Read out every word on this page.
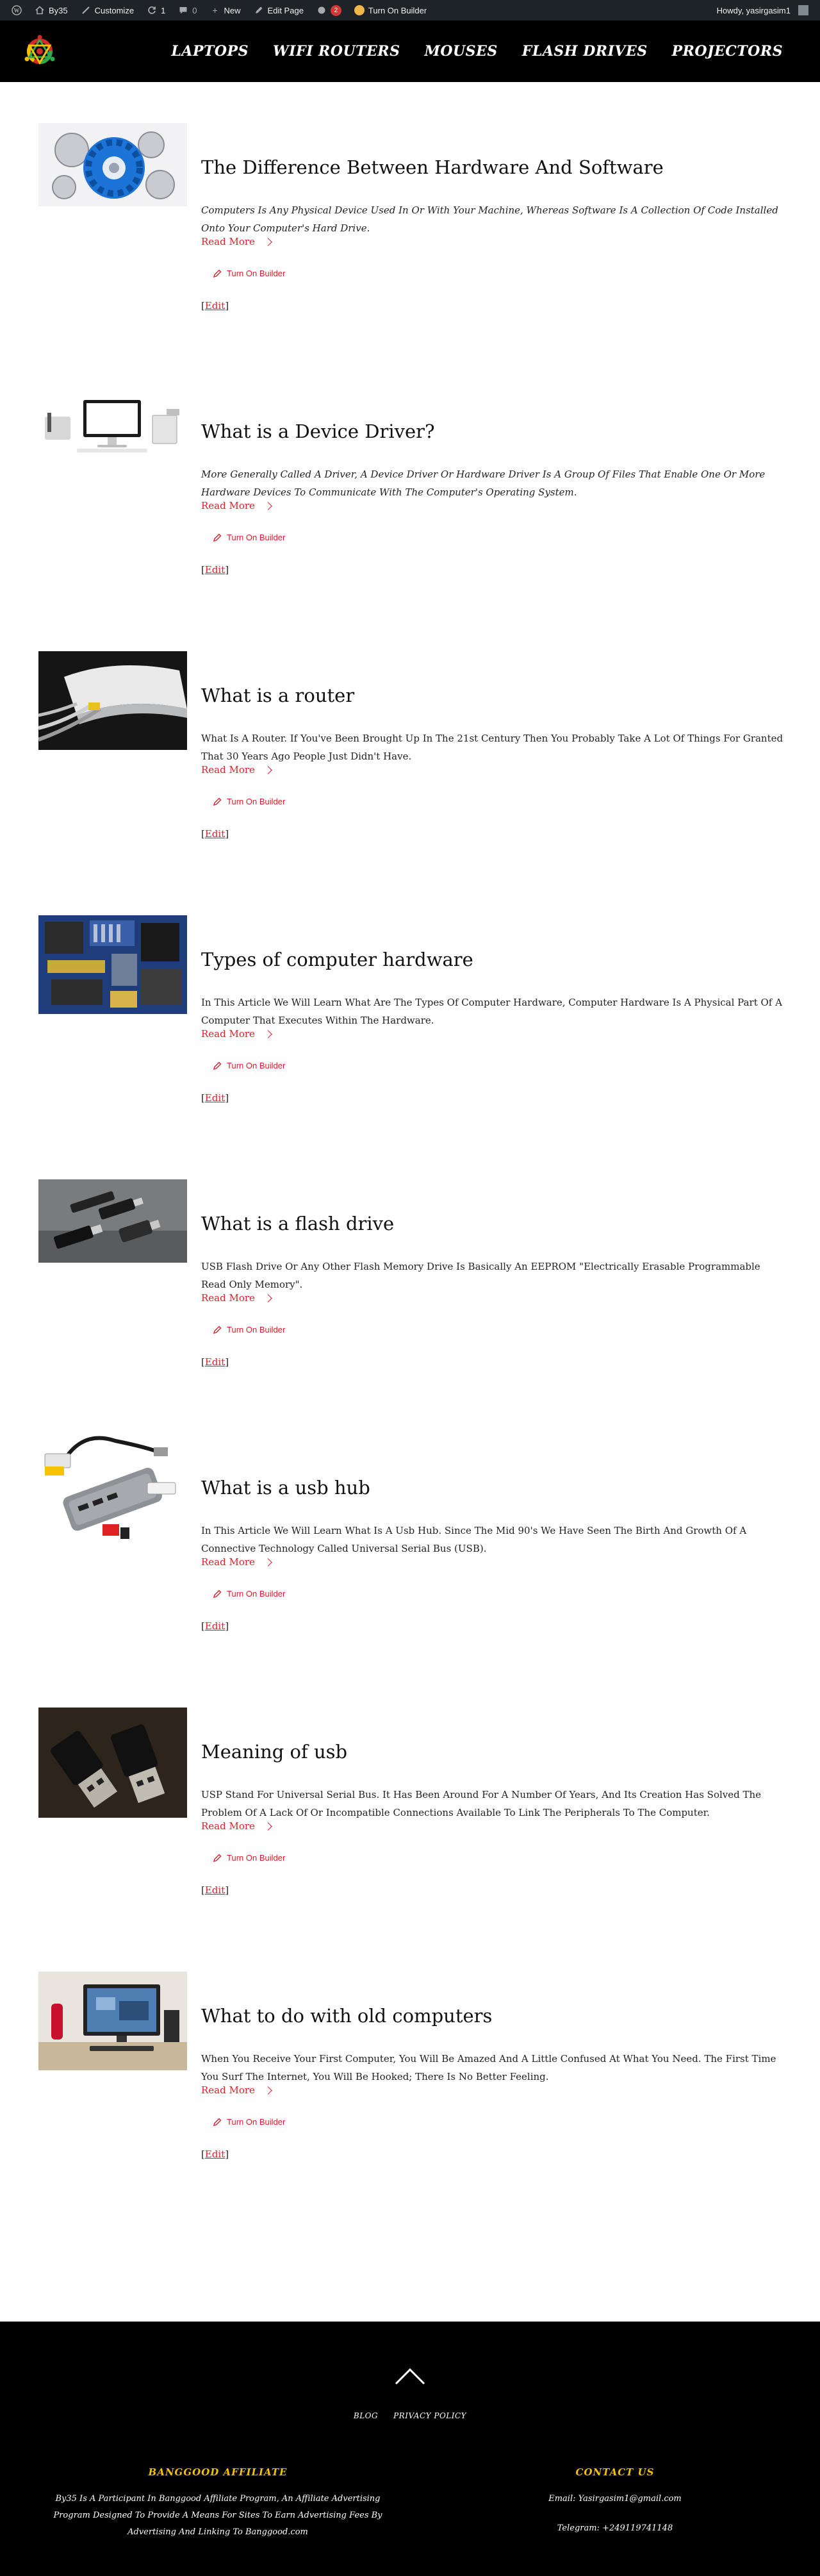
W	By35	Customize	1	0 + New	Edit Page	2	Turn On Builder	Howdy, yasirgasim1
LAPTOPS WIFI ROUTERS MOUSES FLASH DRIVES PROJECTORS
The Difference Between Hardware And Software

Computers Is Any Physical Device Used In Or With Your Machine, Whereas Software Is A Collection Of Code Installed Onto Your Computer's Hard Drive.

Read More
Turn On Builder
[Edit]
What is a Device Driver?

More Generally Called A Driver, A Device Driver Or Hardware Driver Is A Group Of Files That Enable One Or More Hardware Devices To Communicate With The Computer's Operating System.

Read More
Turn On Builder
[Edit]
What is a router

What Is A Router. If You've Been Brought Up In The 21st Century Then You Probably Take A Lot Of Things For Granted That 30 Years Ago People Just Didn't Have.

Read More
Turn On Builder
[Edit]
Types of computer hardware

In This Article We Will Learn What Are The Types Of Computer Hardware, Computer Hardware Is A Physical Part Of A Computer That Executes Within The Hardware.

Read More
Turn On Builder
[Edit]
What is a flash drive

USB Flash Drive Or Any Other Flash Memory Drive Is Basically An EEPROM "Electrically Erasable Programmable Read Only Memory".

Read More
Turn On Builder
[Edit]
What is a usb hub

In This Article We Will Learn What Is A Usb Hub. Since The Mid 90's We Have Seen The Birth And Growth Of A Connective Technology Called Universal Serial Bus (USB).

Read More
Turn On Builder
[Edit]
Meaning of usb

USP Stand For Universal Serial Bus. It Has Been Around For A Number Of Years, And Its Creation Has Solved The Problem Of A Lack Of Or Incompatible Connections Available To Link The Peripherals To The Computer.

Read More
Turn On Builder
[Edit]
What to do with old computers

When You Receive Your First Computer, You Will Be Amazed And A Little Confused At What You Need. The First Time You Surf The Internet, You Will Be Hooked; There Is No Better Feeling.

Read More
Turn On Builder
[Edit]
BLOG PRIVACY POLICY
BANGGOOD AFFILIATE

By35 Is A Participant In Banggood Affiliate Program, An Affiliate Advertising Program Designed To Provide A Means For Sites To Earn Advertising Fees By Advertising And Linking To Banggood.com

CONTACT US

Email: Yasirgasim1@gmail.com

Telegram: +249119741148
